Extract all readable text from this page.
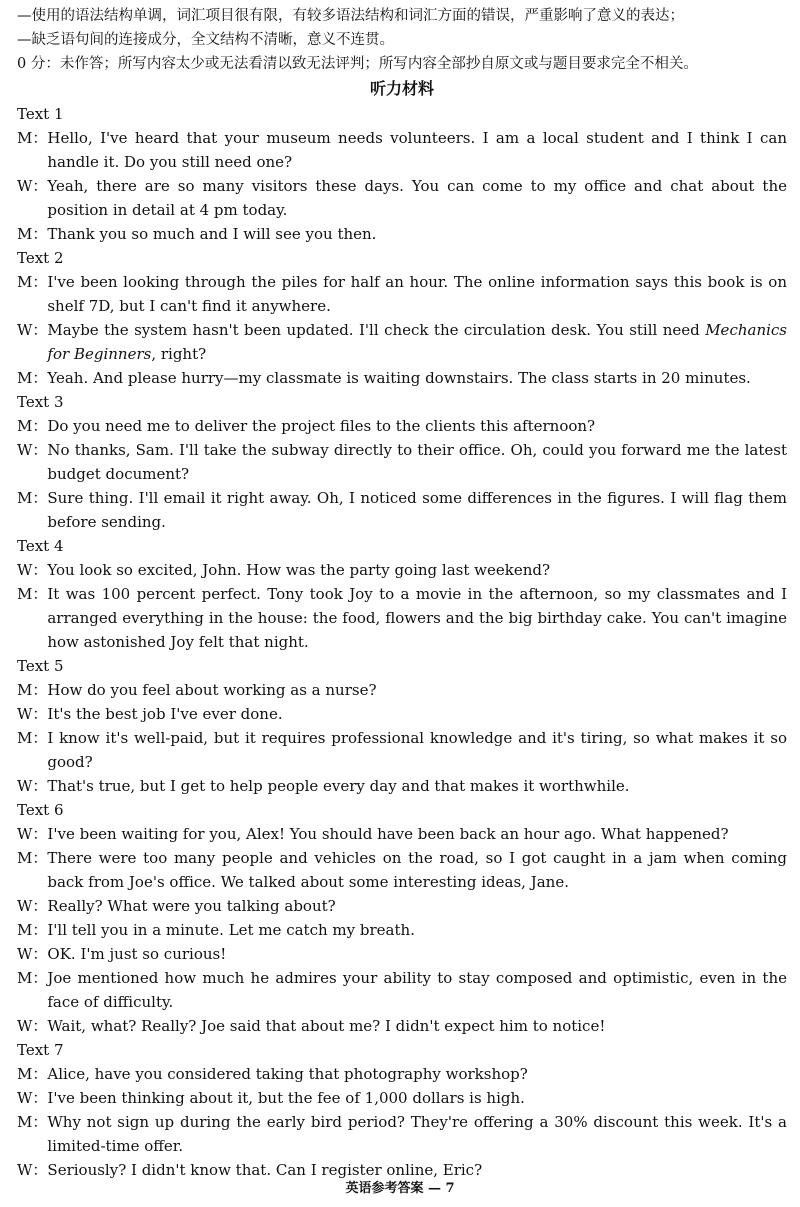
—使用的语法结构单调，词汇项目很有限，有较多语法结构和词汇方面的错误，严重影响了意义的表达；
—缺乏语句间的连接成分，全文结构不清晰，意义不连贯。
0 分：未作答；所写内容太少或无法看清以致无法评判；所写内容全部抄自原文或与题目要求完全不相关。
听力材料
Text 1
M： Hello, I've heard that your museum needs volunteers. I am a local student and I think I can handle it. Do you still need one?
W： Yeah, there are so many visitors these days. You can come to my office and chat about the position in detail at 4 pm today.
M： Thank you so much and I will see you then.
Text 2
M： I've been looking through the piles for half an hour. The online information says this book is on shelf 7D, but I can't find it anywhere.
W： Maybe the system hasn't been updated. I'll check the circulation desk. You still need Mechanics for Beginners, right?
M： Yeah. And please hurry—my classmate is waiting downstairs. The class starts in 20 minutes.
Text 3
M： Do you need me to deliver the project files to the clients this afternoon?
W： No thanks, Sam. I'll take the subway directly to their office. Oh, could you forward me the latest budget document?
M： Sure thing. I'll email it right away. Oh, I noticed some differences in the figures. I will flag them before sending.
Text 4
W： You look so excited, John. How was the party going last weekend?
M： It was 100 percent perfect. Tony took Joy to a movie in the afternoon, so my classmates and I arranged everything in the house: the food, flowers and the big birthday cake. You can't imagine how astonished Joy felt that night.
Text 5
M： How do you feel about working as a nurse?
W： It's the best job I've ever done.
M： I know it's well-paid, but it requires professional knowledge and it's tiring, so what makes it so good?
W： That's true, but I get to help people every day and that makes it worthwhile.
Text 6
W： I've been waiting for you, Alex! You should have been back an hour ago. What happened?
M： There were too many people and vehicles on the road, so I got caught in a jam when coming back from Joe's office. We talked about some interesting ideas, Jane.
W： Really? What were you talking about?
M： I'll tell you in a minute. Let me catch my breath.
W： OK. I'm just so curious!
M： Joe mentioned how much he admires your ability to stay composed and optimistic, even in the face of difficulty.
W： Wait, what? Really? Joe said that about me? I didn't expect him to notice!
Text 7
M： Alice, have you considered taking that photography workshop?
W： I've been thinking about it, but the fee of 1,000 dollars is high.
M： Why not sign up during the early bird period? They're offering a 30% discount this week. It's a limited-time offer.
W： Seriously? I didn't know that. Can I register online, Eric?
英语参考答案 — 7
